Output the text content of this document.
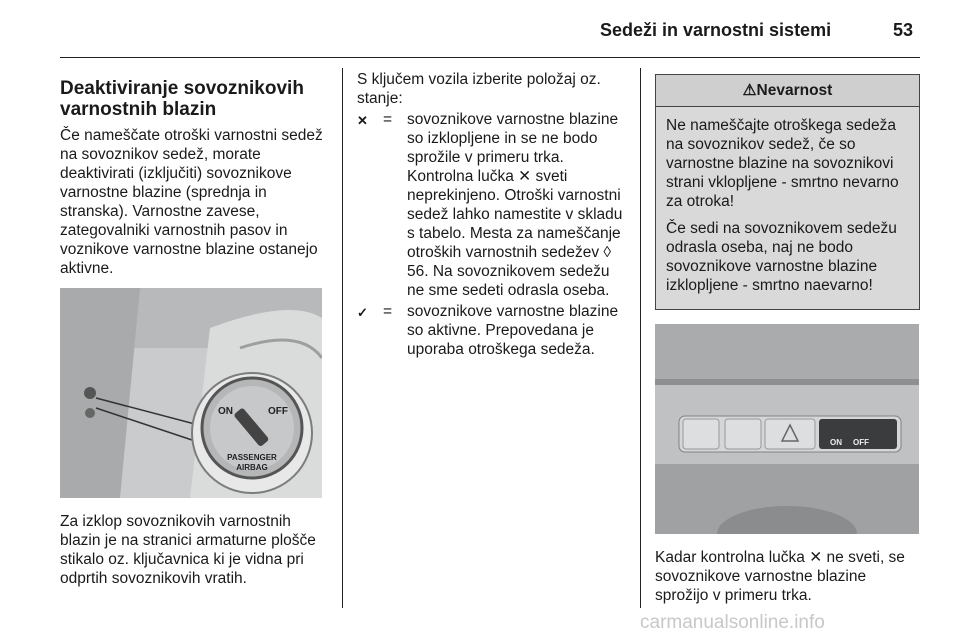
Sedeži in varnostni sistemi	53
Deaktiviranje sovoznikovih varnostnih blazin

Če nameščate otroški varnostni sedež na sovoznikov sedež, morate deaktivirati (izključiti) sovoznikove varnostne blazine (sprednja in stranska). Varnostne zavese, zategovalniki varnostnih pasov in voznikove varnostne blazine ostanejo aktivne.

ON	OFF
PASSENGER
AIRBAG

Za izklop sovoznikovih varnostnih blazin je na stranici armaturne plošče stikalo oz. ključavnica ki je vidna pri odprtih sovoznikovih vratih.

S ključem vozila izberite položaj oz. stanje:

✕ = sovoznikove varnostne blazine so izklopljene in se ne bodo sprožile v primeru trka. Kontrolna lučka ✕ sveti neprekinjeno. Otroški varnostni sedež lahko namestite v skladu s tabelo. Mesta za nameščanje otroških varnostnih sedežev ◊ 56. Na sovoznikovem sedežu ne sme sedeti odrasla oseba.
✓ = sovoznikove varnostne blazine so aktivne. Prepovedana je uporaba otroškega sedeža.
⚠Nevarnost

Ne nameščajte otroškega sedeža na sovoznikov sedež, če so varnostne blazine na sovoznikovi strani vklopljene - smrtno nevarno za otroka!

Če sedi na sovoznikovem sedežu odrasla oseba, naj ne bodo sovoznikove varnostne blazine izklopljene - smrtno naevarno!

ON OFF

Kadar kontrolna lučka ✕ ne sveti, se sovoznikove varnostne blazine sprožijo v primeru trka.

carmanualsonline.info
